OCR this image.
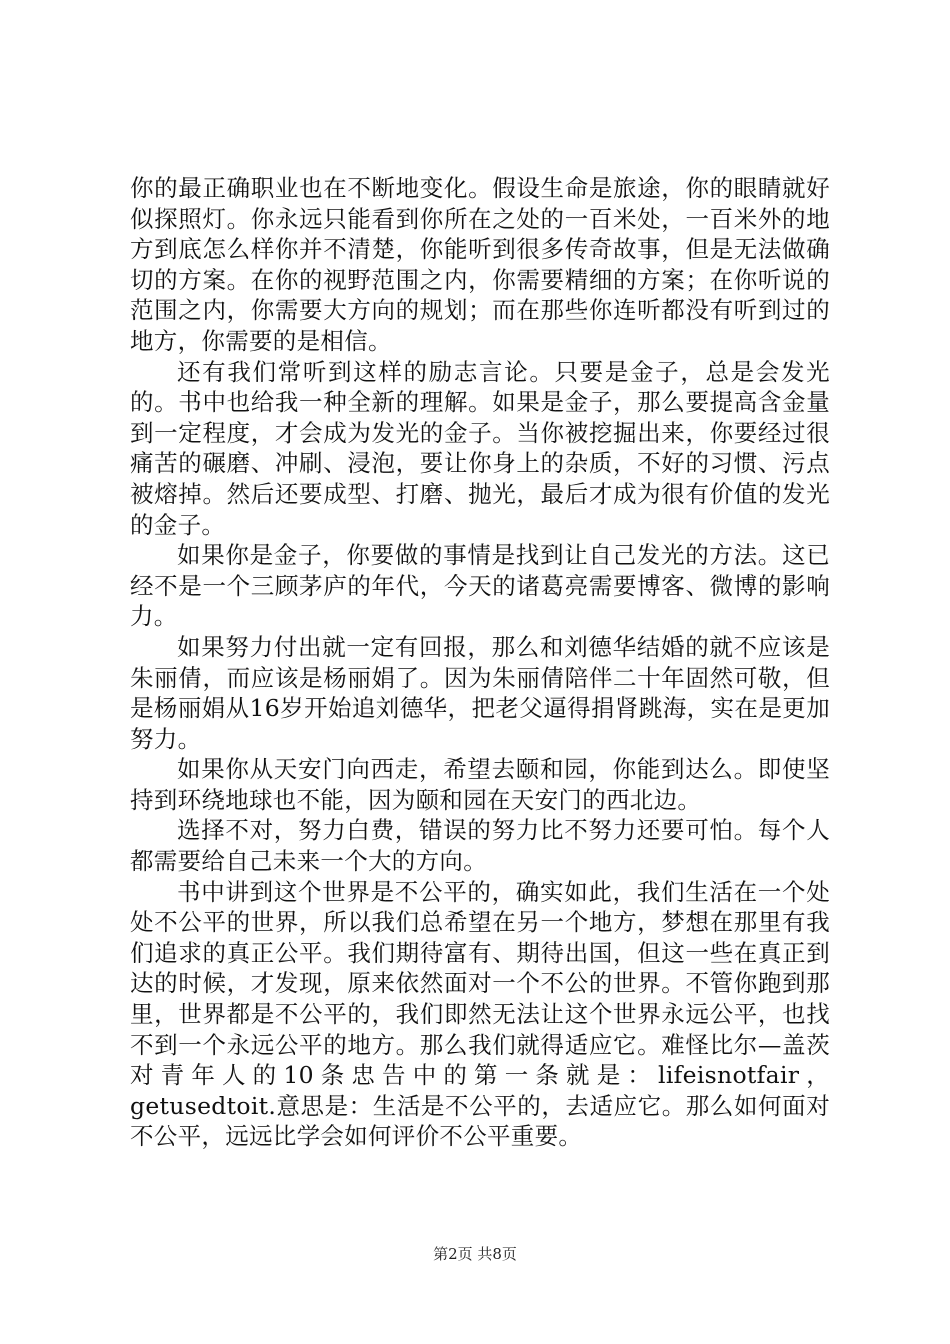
你的最正确职业也在不断地变化。假设生命是旅途，你的眼睛就好似探照灯。你永远只能看到你所在之处的一百米处，一百米外的地方到底怎么样你并不清楚，你能听到很多传奇故事，但是无法做确切的方案。在你的视野范围之内，你需要精细的方案；在你听说的范围之内，你需要大方向的规划；而在那些你连听都没有听到过的地方，你需要的是相信。

还有我们常听到这样的励志言论。只要是金子，总是会发光的。书中也给我一种全新的理解。如果是金子，那么要提高含金量到一定程度，才会成为发光的金子。当你被挖掘出来，你要经过很痛苦的碾磨、冲刷、浸泡，要让你身上的杂质，不好的习惯、污点被熔掉。然后还要成型、打磨、抛光，最后才成为很有价值的发光的金子。

如果你是金子，你要做的事情是找到让自己发光的方法。这已经不是一个三顾茅庐的年代，今天的诸葛亮需要博客、微博的影响力。

如果努力付出就一定有回报，那么和刘德华结婚的就不应该是朱丽倩，而应该是杨丽娟了。因为朱丽倩陪伴二十年固然可敬，但是杨丽娟从16岁开始追刘德华，把老父逼得捐肾跳海，实在是更加努力。

如果你从天安门向西走，希望去颐和园，你能到达么。即使坚持到环绕地球也不能，因为颐和园在天安门的西北边。

选择不对，努力白费，错误的努力比不努力还要可怕。每个人都需要给自己未来一个大的方向。

书中讲到这个世界是不公平的，确实如此，我们生活在一个处处不公平的世界，所以我们总希望在另一个地方，梦想在那里有我们追求的真正公平。我们期待富有、期待出国，但这一些在真正到达的时候，才发现，原来依然面对一个不公的世界。不管你跑到那里，世界都是不公平的，我们即然无法让这个世界永远公平，也找不到一个永远公平的地方。那么我们就得适应它。难怪比尔—盖茨对青年人的10条忠告中的第一条就是：lifeisnotfair，getusedtoit.意思是：生活是不公平的，去适应它。那么如何面对不公平，远远比学会如何评价不公平重要。

第2页 共8页
